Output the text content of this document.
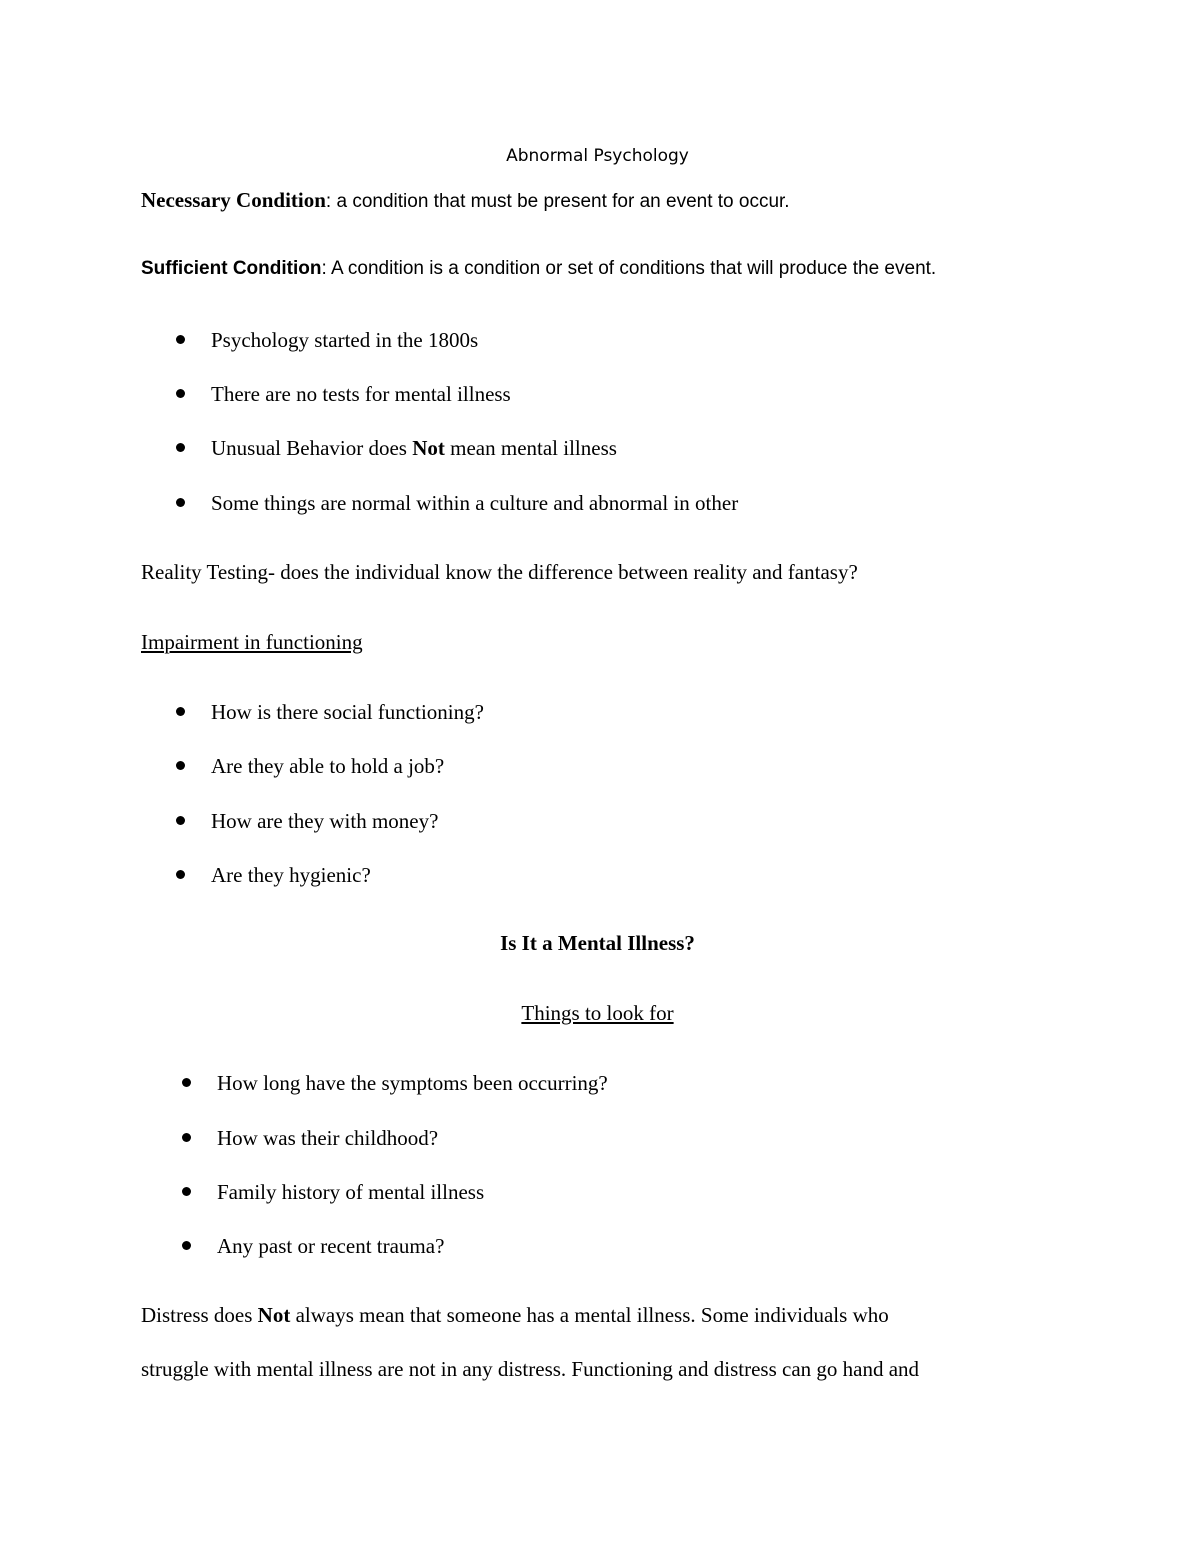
Abnormal Psychology
Necessary Condition: a condition that must be present for an event to occur.
Sufficient Condition: A condition is a condition or set of conditions that will produce the event.
Psychology started in the 1800s
There are no tests for mental illness
Unusual Behavior does Not mean mental illness
Some things are normal within a culture and abnormal in other
Reality Testing- does the individual know the difference between reality and fantasy?
Impairment in functioning
How is there social functioning?
Are they able to hold a job?
How are they with money?
Are they hygienic?
Is It a Mental Illness?
Things to look for
How long have the symptoms been occurring?
How was their childhood?
Family history of mental illness
Any past or recent trauma?
Distress does Not always mean that someone has a mental illness. Some individuals who
struggle with mental illness are not in any distress. Functioning and distress can go hand and
